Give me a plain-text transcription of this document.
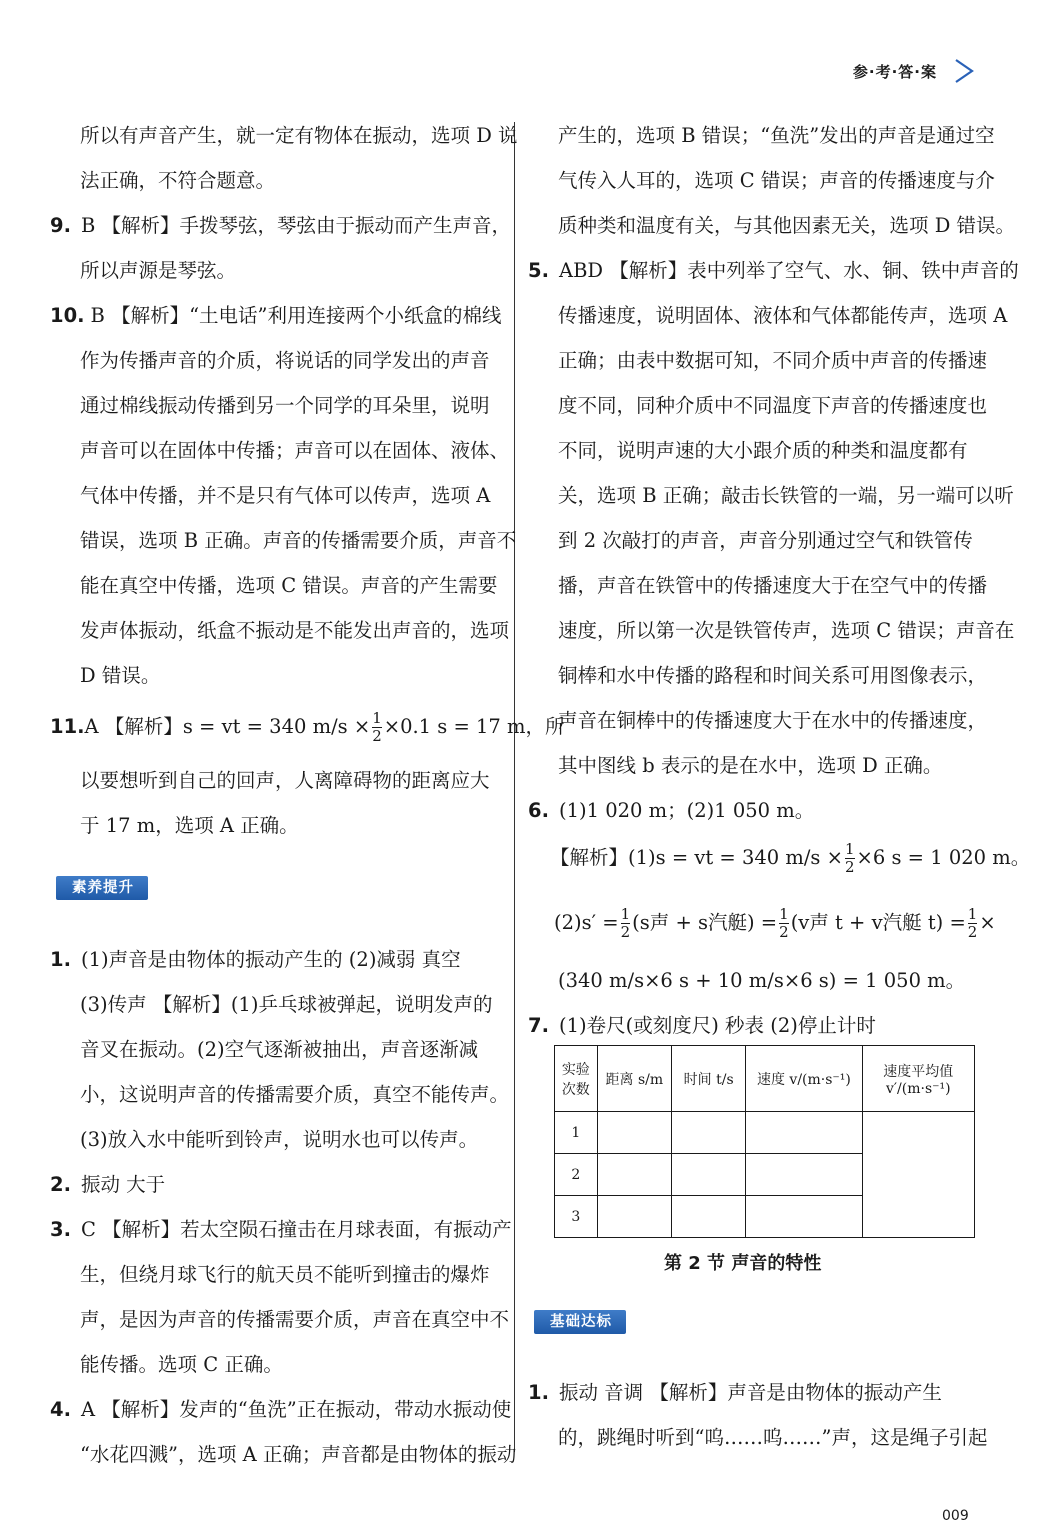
参·考·答·案
11.A 【解析】s = vt = 340 $m/s \times \frac{1}{2} \times 0.1$ s = 17 m，所
素养提升
所以有声音产生，就一定有物体在振动，选项 D 说
法正确，不符合题意。
9. B 【解析】手拨琴弦，琴弦由于振动而产生声音，
所以声源是琴弦。
10. B 【解析】“土电话”利用连接两个小纸盒的棉线
作为传播声音的介质，将说话的同学发出的声音
通过棉线振动传播到另一个同学的耳朵里，说明
声音可以在固体中传播；声音可以在固体、液体、
气体中传播，并不是只有气体可以传声，选项 A
错误，选项 B 正确。声音的传播需要介质，声音不
能在真空中传播，选项 C 错误。声音的产生需要
发声体振动，纸盒不振动是不能发出声音的，选项
D 错误。
以要想听到自己的回声，人离障碍物的距离应大
于 17 m，选项 A 正确。
1. (1)声音是由物体的振动产生的 (2)减弱 真空
(3)传声 【解析】(1)乒乓球被弹起，说明发声的
音叉在振动。(2)空气逐渐被抽出，声音逐渐减
小，这说明声音的传播需要介质，真空不能传声。
(3)放入水中能听到铃声，说明水也可以传声。
2. 振动 大于
3. C 【解析】若太空陨石撞击在月球表面，有振动产
生，但绕月球飞行的航天员不能听到撞击的爆炸
声，是因为声音的传播需要介质，声音在真空中不
能传播。选项 C 正确。
4. A 【解析】发声的“鱼洗”正在振动，带动水振动使
“水花四溅”，选项 A 正确；声音都是由物体的振动
【解析】(1)s = vt = 340 $m/s \times \frac{1}{2} \times 6$ s = 1 020 m。
$(2)s' = \frac{1}{2} (s$声 + s汽艇) = $\frac{1}{2} (v$声 t + v汽艇 $t) = \frac{1}{2}$ ×
实验次数	距离 s/m	时间 t/s	速度 v/(m·s⁻¹)	速度平均值 v′/(m·s⁻¹)
1				
2				
3				
第 2 节 声音的特性
基础达标
产生的，选项 B 错误；“鱼洗”发出的声音是通过空
气传入人耳的，选项 C 错误；声音的传播速度与介
质种类和温度有关，与其他因素无关，选项 D 错误。
5. ABD 【解析】表中列举了空气、水、铜、铁中声音的
传播速度，说明固体、液体和气体都能传声，选项 A
正确；由表中数据可知，不同介质中声音的传播速
度不同，同种介质中不同温度下声音的传播速度也
不同，说明声速的大小跟介质的种类和温度都有
关，选项 B 正确；敲击长铁管的一端，另一端可以听
到 2 次敲打的声音，声音分别通过空气和铁管传
播，声音在铁管中的传播速度大于在空气中的传播
速度，所以第一次是铁管传声，选项 C 错误；声音在
铜棒和水中传播的路程和时间关系可用图像表示，
声音在铜棒中的传播速度大于在水中的传播速度，
其中图线 b 表示的是在水中，选项 D 正确。
6. (1)1 020 m；(2)1 050 m。
(340 m/s×6 s + 10 m/s×6 s) = 1 050 m。
7. (1)卷尺(或刻度尺) 秒表 (2)停止计时
1. 振动 音调 【解析】声音是由物体的振动产生
的，跳绳时听到“呜……呜……”声，这是绳子引起
009
